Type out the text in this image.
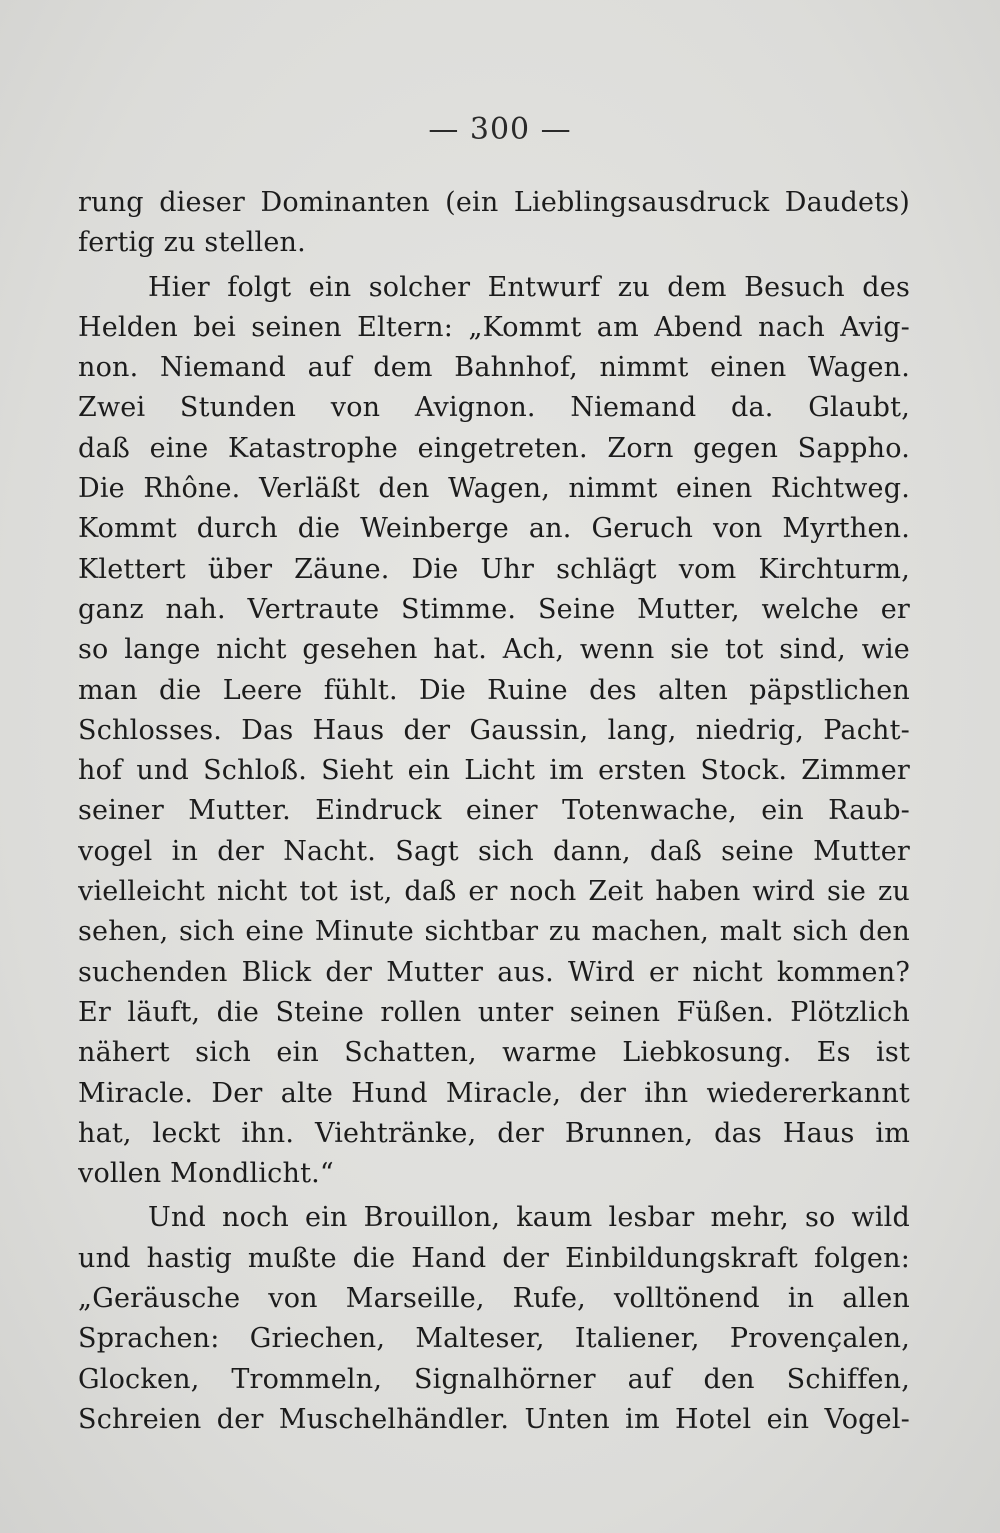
— 300 —
rung dieser Dominanten (ein Lieblingsausdruck Daudets)
fertig zu stellen.
Hier folgt ein solcher Entwurf zu dem Besuch des
Helden bei seinen Eltern: „Kommt am Abend nach Avig-
non. Niemand auf dem Bahnhof, nimmt einen Wagen.
Zwei Stunden von Avignon. Niemand da. Glaubt,
daß eine Katastrophe eingetreten. Zorn gegen Sappho.
Die Rhône. Verläßt den Wagen, nimmt einen Richtweg.
Kommt durch die Weinberge an. Geruch von Myrthen.
Klettert über Zäune. Die Uhr schlägt vom Kirchturm,
ganz nah. Vertraute Stimme. Seine Mutter, welche er
so lange nicht gesehen hat. Ach, wenn sie tot sind, wie
man die Leere fühlt. Die Ruine des alten päpstlichen
Schlosses. Das Haus der Gaussin, lang, niedrig, Pacht-
hof und Schloß. Sieht ein Licht im ersten Stock. Zimmer
seiner Mutter. Eindruck einer Totenwache, ein Raub-
vogel in der Nacht. Sagt sich dann, daß seine Mutter
vielleicht nicht tot ist, daß er noch Zeit haben wird sie zu
sehen, sich eine Minute sichtbar zu machen, malt sich den
suchenden Blick der Mutter aus. Wird er nicht kommen?
Er läuft, die Steine rollen unter seinen Füßen. Plötzlich
nähert sich ein Schatten, warme Liebkosung. Es ist
Miracle. Der alte Hund Miracle, der ihn wiedererkannt
hat, leckt ihn. Viehtränke, der Brunnen, das Haus im
vollen Mondlicht.“
Und noch ein Brouillon, kaum lesbar mehr, so wild
und hastig mußte die Hand der Einbildungskraft folgen:
„Geräusche von Marseille, Rufe, volltönend in allen
Sprachen: Griechen, Malteser, Italiener, Provençalen,
Glocken, Trommeln, Signalhörner auf den Schiffen,
Schreien der Muschelhändler. Unten im Hotel ein Vogel-
